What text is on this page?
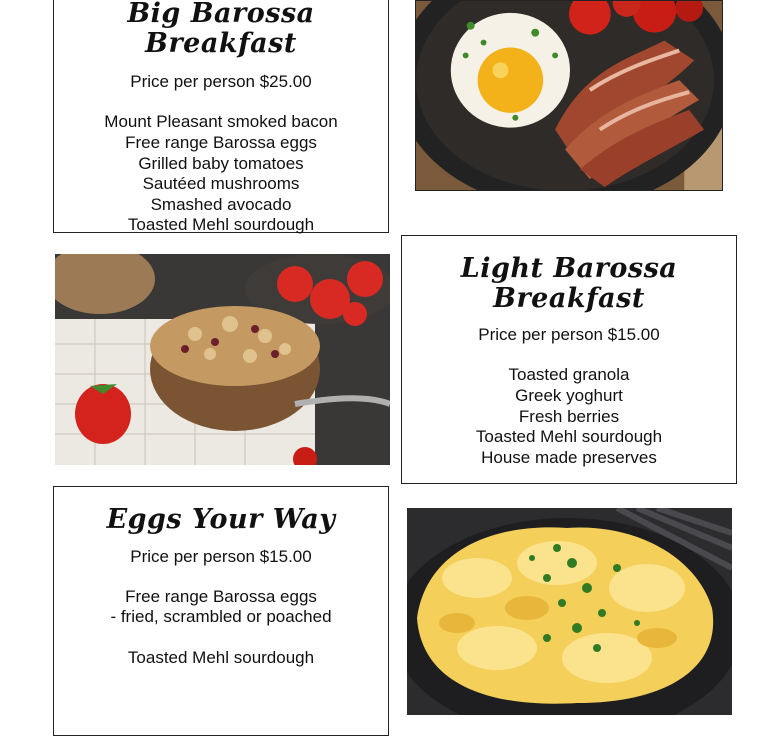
Big Barossa Breakfast
Price per person $25.00
Mount Pleasant smoked bacon
Free range Barossa eggs
Grilled baby tomatoes
Sautéed mushrooms
Smashed avocado
Toasted Mehl sourdough
Light Barossa Breakfast
Price per person $15.00
Toasted granola
Greek yoghurt
Fresh berries
Toasted Mehl sourdough
House made preserves
Eggs Your Way
Price per person $15.00
Free range Barossa eggs
- fried, scrambled or poached
Toasted Mehl sourdough
